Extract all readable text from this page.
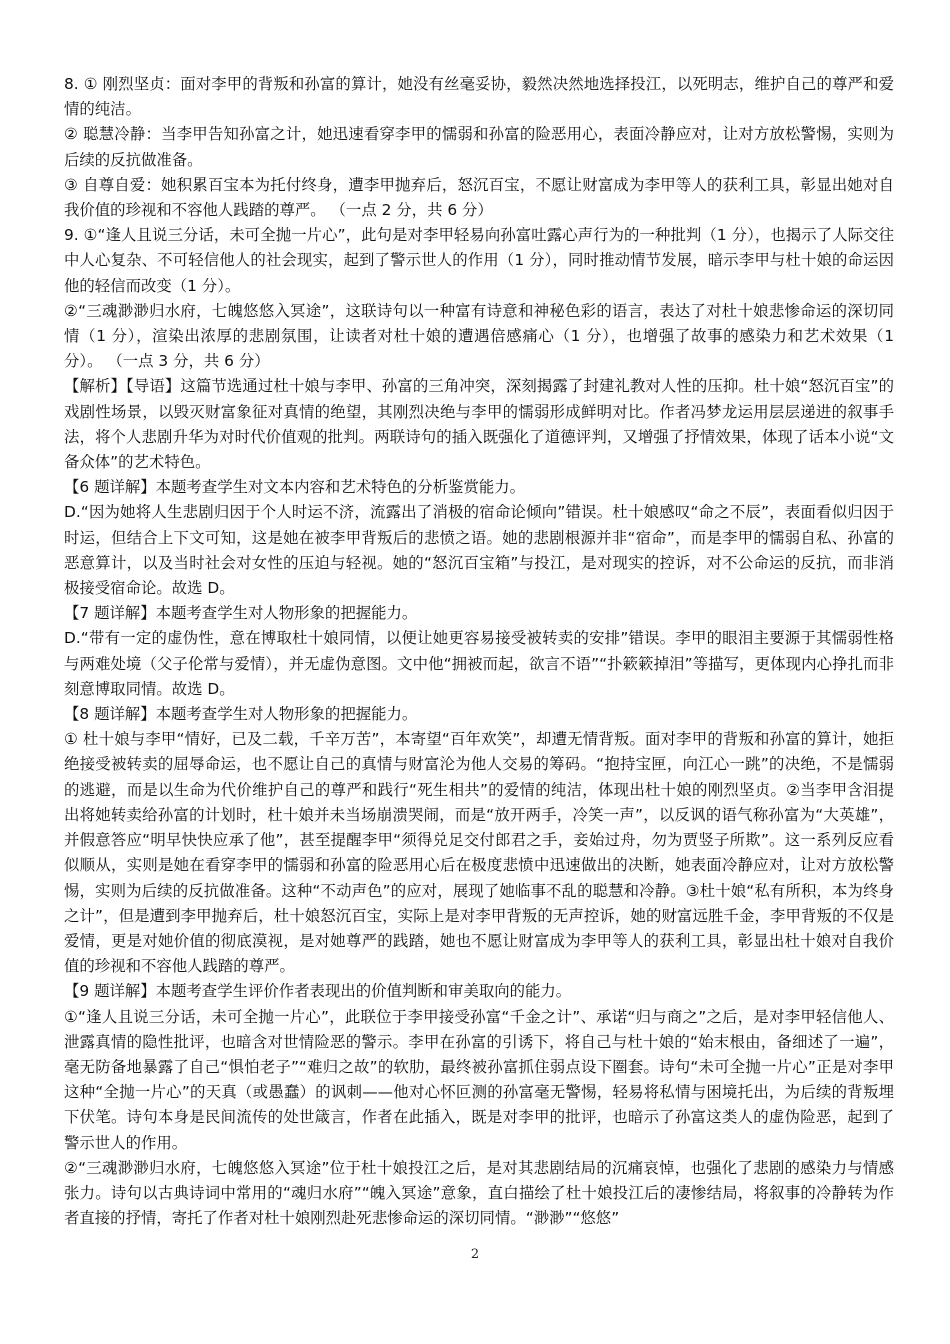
8. ① 刚烈坚贞：面对李甲的背叛和孙富的算计，她没有丝毫妥协，毅然决然地选择投江，以死明志，维护自己的尊严和爱情的纯洁。

② 聪慧冷静：当李甲告知孙富之计，她迅速看穿李甲的懦弱和孙富的险恶用心，表面冷静应对，让对方放松警惕，实则为后续的反抗做准备。

③ 自尊自爱：她积累百宝本为托付终身，遭李甲抛弃后，怒沉百宝，不愿让财富成为李甲等人的获利工具，彰显出她对自我价值的珍视和不容他人践踏的尊严。 （一点 2 分，共 6 分）

9. ①“逢人且说三分话，未可全抛一片心”，此句是对李甲轻易向孙富吐露心声行为的一种批判（1 分），也揭示了人际交往中人心复杂、不可轻信他人的社会现实，起到了警示世人的作用（1 分），同时推动情节发展，暗示李甲与杜十娘的命运因他的轻信而改变（1 分）。

②“三魂渺渺归水府，七魄悠悠入冥途”，这联诗句以一种富有诗意和神秘色彩的语言，表达了对杜十娘悲惨命运的深切同情（1 分），渲染出浓厚的悲剧氛围，让读者对杜十娘的遭遇倍感痛心（1 分），也增强了故事的感染力和艺术效果（1 分）。 （一点 3 分，共 6 分）

【解析】【导语】这篇节选通过杜十娘与李甲、孙富的三角冲突，深刻揭露了封建礼教对人性的压抑。杜十娘“怒沉百宝”的戏剧性场景，以毁灭财富象征对真情的绝望，其刚烈决绝与李甲的懦弱形成鲜明对比。作者冯梦龙运用层层递进的叙事手法，将个人悲剧升华为对时代价值观的批判。两联诗句的插入既强化了道德评判，又增强了抒情效果，体现了话本小说“文备众体”的艺术特色。

【6 题详解】本题考查学生对文本内容和艺术特色的分析鉴赏能力。

D.“因为她将人生悲剧归因于个人时运不济，流露出了消极的宿命论倾向”错误。杜十娘感叹“命之不辰”，表面看似归因于时运，但结合上下文可知，这是她在被李甲背叛后的悲愤之语。她的悲剧根源并非“宿命”，而是李甲的懦弱自私、孙富的恶意算计，以及当时社会对女性的压迫与轻视。她的“怒沉百宝箱”与投江，是对现实的控诉，对不公命运的反抗，而非消极接受宿命论。故选 D。

【7 题详解】本题考查学生对人物形象的把握能力。

D.“带有一定的虚伪性，意在博取杜十娘同情，以便让她更容易接受被转卖的安排”错误。李甲的眼泪主要源于其懦弱性格与两难处境（父子伦常与爱情），并无虚伪意图。文中他“拥被而起，欲言不语”“扑簌簌掉泪”等描写，更体现内心挣扎而非刻意博取同情。故选 D。

【8 题详解】本题考查学生对人物形象的把握能力。

① 杜十娘与李甲“情好，已及二载，千辛万苦”，本寄望“百年欢笑”，却遭无情背叛。面对李甲的背叛和孙富的算计，她拒绝接受被转卖的屈辱命运，也不愿让自己的真情与财富沦为他人交易的筹码。“抱持宝匣，向江心一跳”的决绝，不是懦弱的逃避，而是以生命为代价维护自己的尊严和践行“死生相共”的爱情的纯洁，体现出杜十娘的刚烈坚贞。②当李甲含泪提出将她转卖给孙富的计划时，杜十娘并未当场崩溃哭闹，而是“放开两手，冷笑一声”，以反讽的语气称孙富为“大英雄”，并假意答应“明早快快应承了他”，甚至提醒李甲“须得兑足交付郎君之手，妾始过舟，勿为贾竖子所欺”。这一系列反应看似顺从，实则是她在看穿李甲的懦弱和孙富的险恶用心后在极度悲愤中迅速做出的决断，她表面冷静应对，让对方放松警惕，实则为后续的反抗做准备。这种“不动声色”的应对，展现了她临事不乱的聪慧和冷静。③杜十娘“私有所积，本为终身之计”，但是遭到李甲抛弃后，杜十娘怒沉百宝，实际上是对李甲背叛的无声控诉，她的财富远胜千金，李甲背叛的不仅是爱情，更是对她价值的彻底漠视，是对她尊严的践踏，她也不愿让财富成为李甲等人的获利工具，彰显出杜十娘对自我价值的珍视和不容他人践踏的尊严。

【9 题详解】本题考查学生评价作者表现出的价值判断和审美取向的能力。

①“逢人且说三分话，未可全抛一片心”，此联位于李甲接受孙富“千金之计”、承诺“归与商之”之后，是对李甲轻信他人、泄露真情的隐性批评，也暗含对世情险恶的警示。李甲在孙富的引诱下，将自己与杜十娘的“始末根由，备细述了一遍”，毫无防备地暴露了自己“惧怕老子”“难归之故”的软肋，最终被孙富抓住弱点设下圈套。诗句“未可全抛一片心”正是对李甲这种“全抛一片心”的天真（或愚蠢）的讽刺——他对心怀叵测的孙富毫无警惕，轻易将私情与困境托出，为后续的背叛埋下伏笔。诗句本身是民间流传的处世箴言，作者在此插入，既是对李甲的批评，也暗示了孙富这类人的虚伪险恶，起到了警示世人的作用。

②“三魂渺渺归水府，七魄悠悠入冥途”位于杜十娘投江之后，是对其悲剧结局的沉痛哀悼，也强化了悲剧的感染力与情感张力。诗句以古典诗词中常用的“魂归水府”“魄入冥途”意象，直白描绘了杜十娘投江后的凄惨结局，将叙事的冷静转为作者直接的抒情，寄托了作者对杜十娘刚烈赴死悲惨命运的深切同情。“渺渺”“悠悠”

2
